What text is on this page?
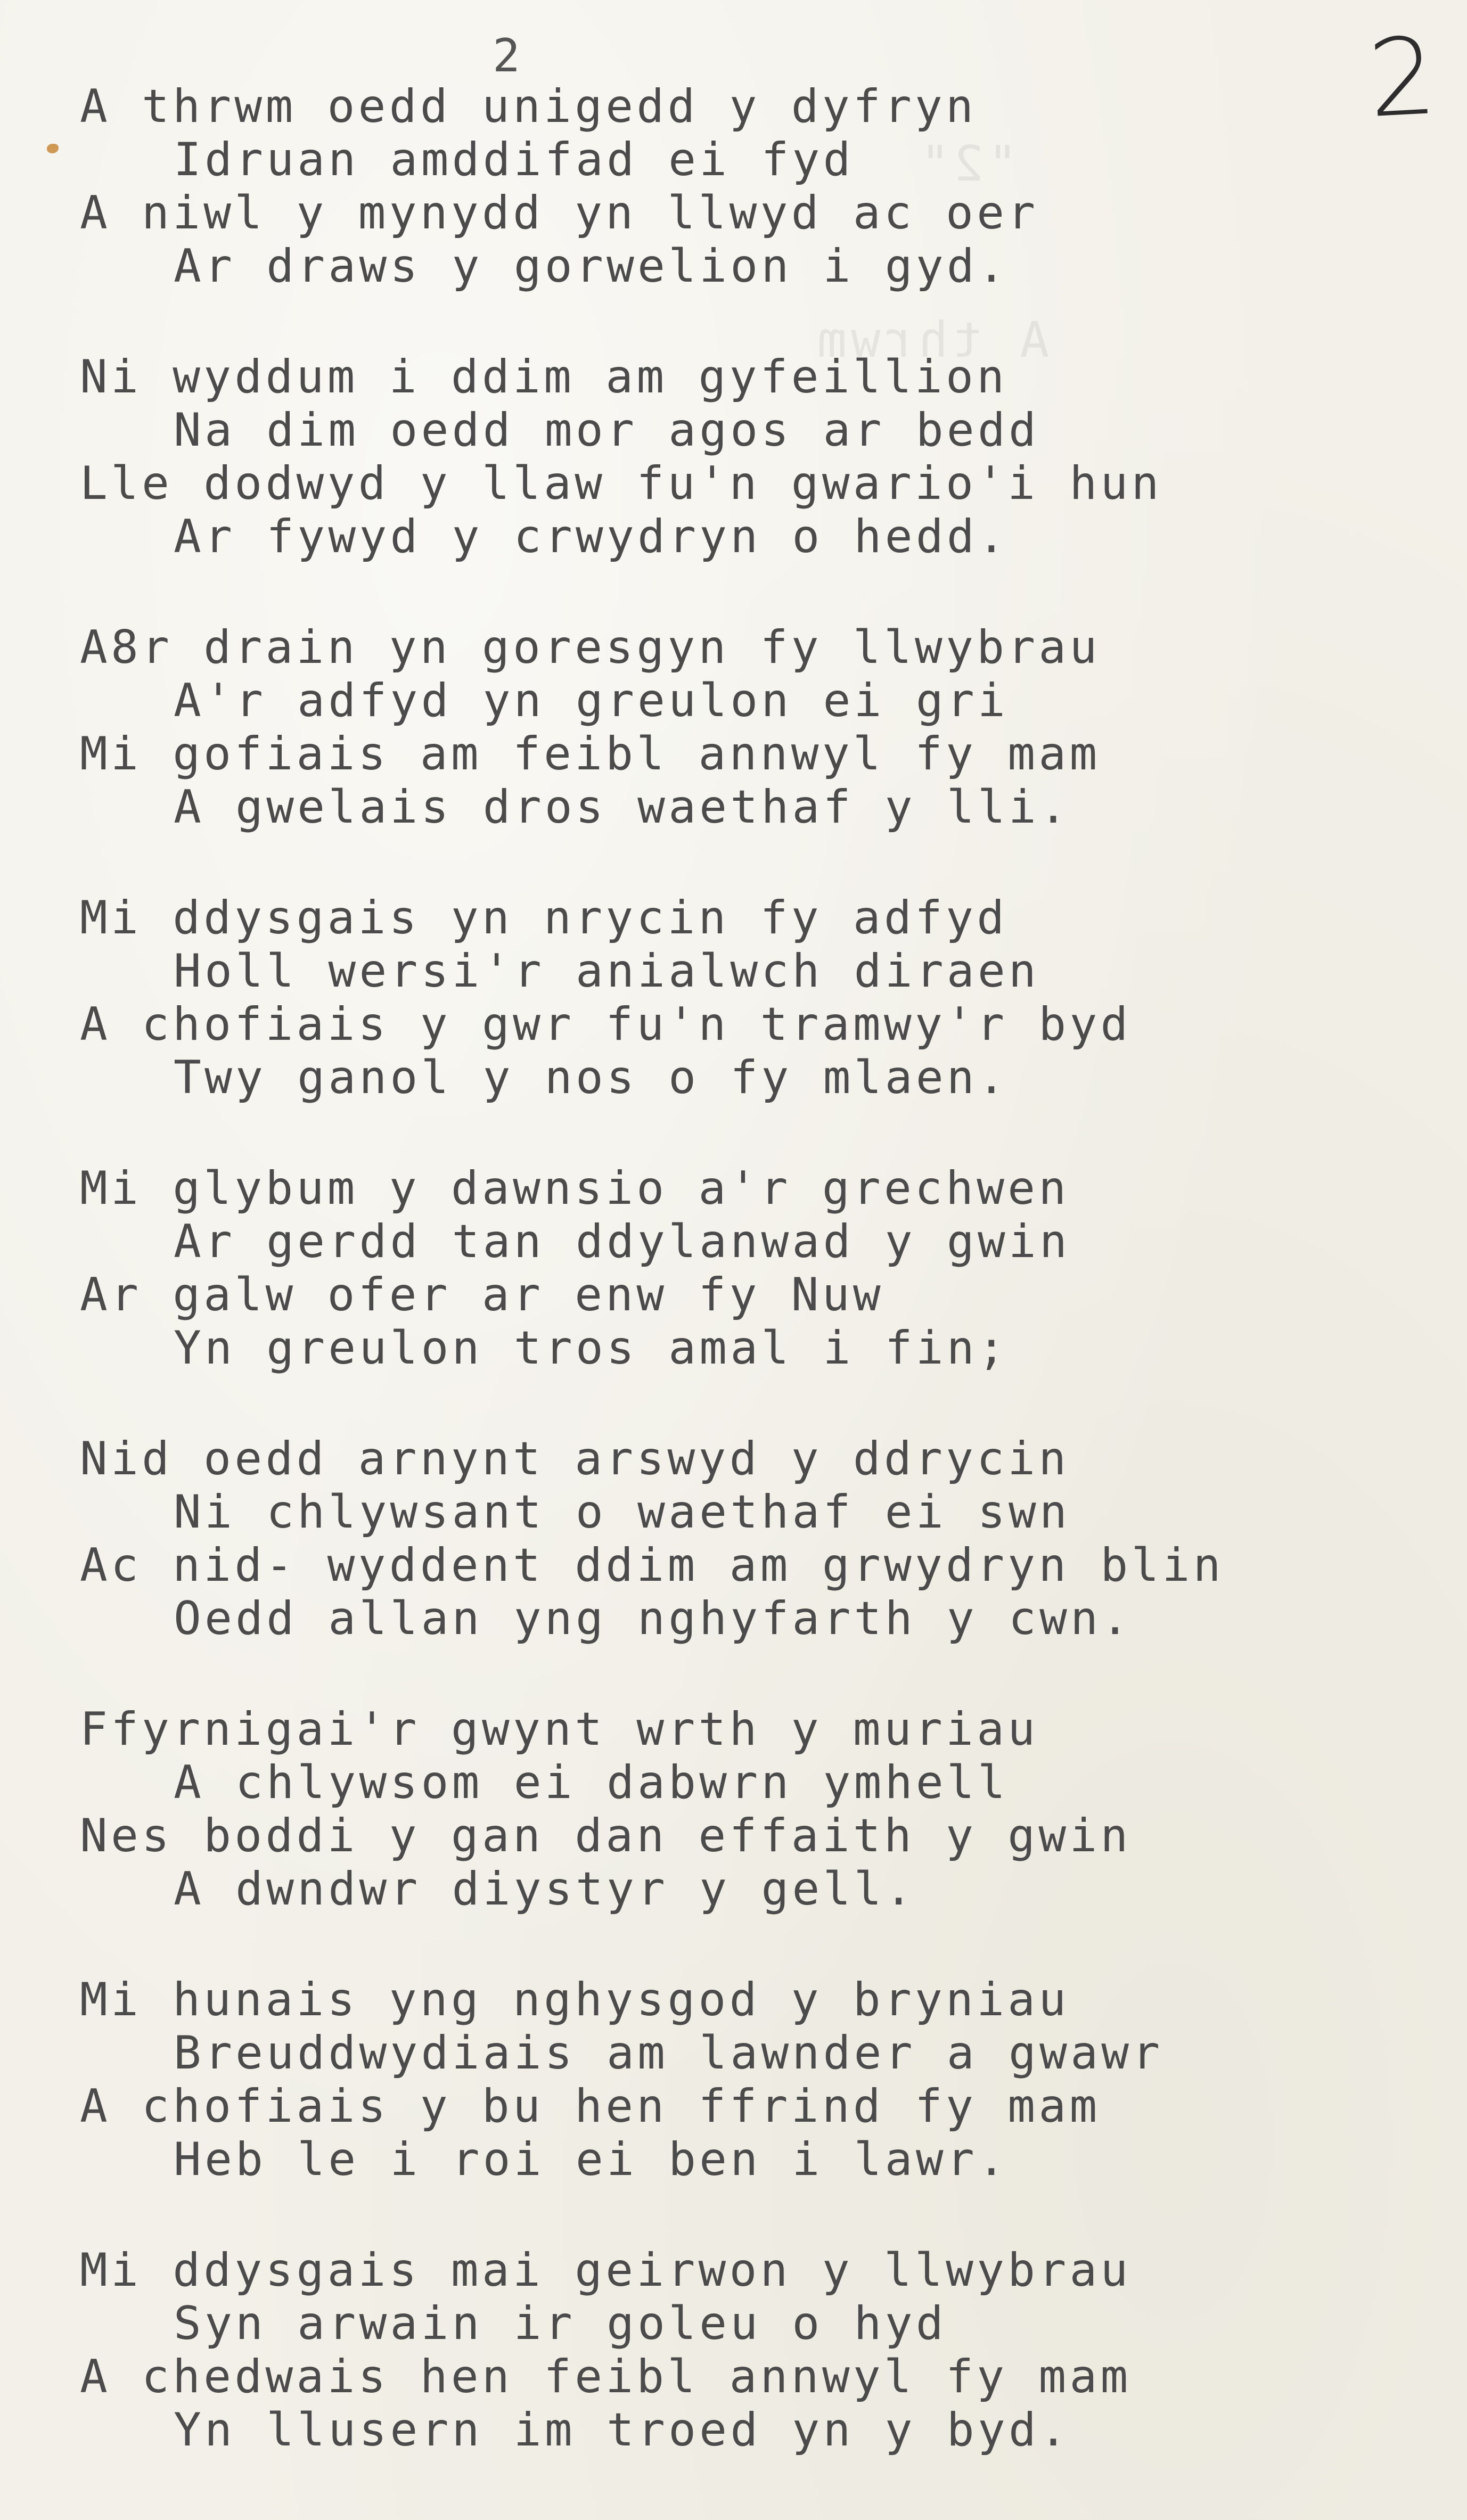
"2"

A thrwm

2	2
A thrwm oedd unigedd y dyfryn
Idruan amddifad ei fyd
A niwl y mynydd yn llwyd ac oer
Ar draws y gorwelion i gyd.
Ni wyddum i ddim am gyfeillion
Na dim oedd mor agos ar bedd
Lle dodwyd y llaw fu'n gwario'i hun
Ar fywyd y crwydryn o hedd.
A8r drain yn goresgyn fy llwybrau
A'r adfyd yn greulon ei gri
Mi gofiais am feibl annwyl fy mam
A gwelais dros waethaf y lli.
Mi ddysgais yn nrycin fy adfyd
Holl wersi'r anialwch diraen
A chofiais y gwr fu'n tramwy'r byd
Twy ganol y nos o fy mlaen.
Mi glybum y dawnsio a'r grechwen
Ar gerdd tan ddylanwad y gwin
Ar galw ofer ar enw fy Nuw
Yn greulon tros amal i fin;
Nid oedd arnynt arswyd y ddrycin
Ni chlywsant o waethaf ei swn
Ac nid- wyddent ddim am grwydryn blin
Oedd allan yng nghyfarth y cwn.
Ffyrnigai'r gwynt wrth y muriau
A chlywsom ei dabwrn ymhell
Nes boddi y gan dan effaith y gwin
A dwndwr diystyr y gell.
Mi hunais yng nghysgod y bryniau
Breuddwydiais am lawnder a gwawr
A chofiais y bu hen ffrind fy mam
Heb le i roi ei ben i lawr.
Mi ddysgais mai geirwon y llwybrau
Syn arwain ir goleu o hyd
A chedwais hen feibl annwyl fy mam
Yn llusern im troed yn y byd.
